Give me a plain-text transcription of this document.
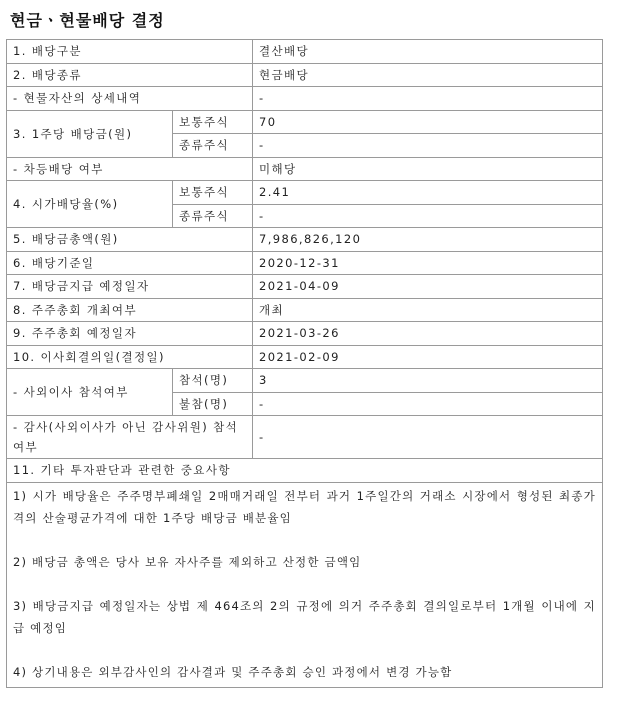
현금ㆍ현물배당 결정
1. 배당구분		결산배당
2. 배당종류		현금배당
- 현물자산의 상세내역		-
3. 1주당 배당금(원)	보통주식	70
	종류주식	-
- 차등배당 여부		미해당
4. 시가배당율(%)	보통주식	2.41
	종류주식	-
5. 배당금총액(원)		7,986,826,120
6. 배당기준일		2020-12-31
7. 배당금지급 예정일자		2021-04-09
8. 주주총회 개최여부		개최
9. 주주총회 예정일자		2021-03-26
10. 이사회결의일(결정일)		2021-02-09
- 사외이사 참석여부	참석(명)	3
	불참(명)	-
- 감사(사외이사가 아닌 감사위원) 참석여부		-
11. 기타 투자판단과 관련한 중요사항		

1) 시가 배당율은 주주명부폐쇄일 2매매거래일 전부터 과거 1주일간의 거래소 시장에서 형성된 최종가격의 산술평균가격에 대한 1주당 배당금 배분율임
2) 배당금 총액은 당사 보유 자사주를 제외하고 산정한 금액임
3) 배당금지급 예정일자는 상법 제 464조의 2의 규정에 의거 주주총회 결의일로부터 1개월 이내에 지급 예정임
4) 상기내용은 외부감사인의 감사결과 및 주주총회 승인 과정에서 변경 가능함		
